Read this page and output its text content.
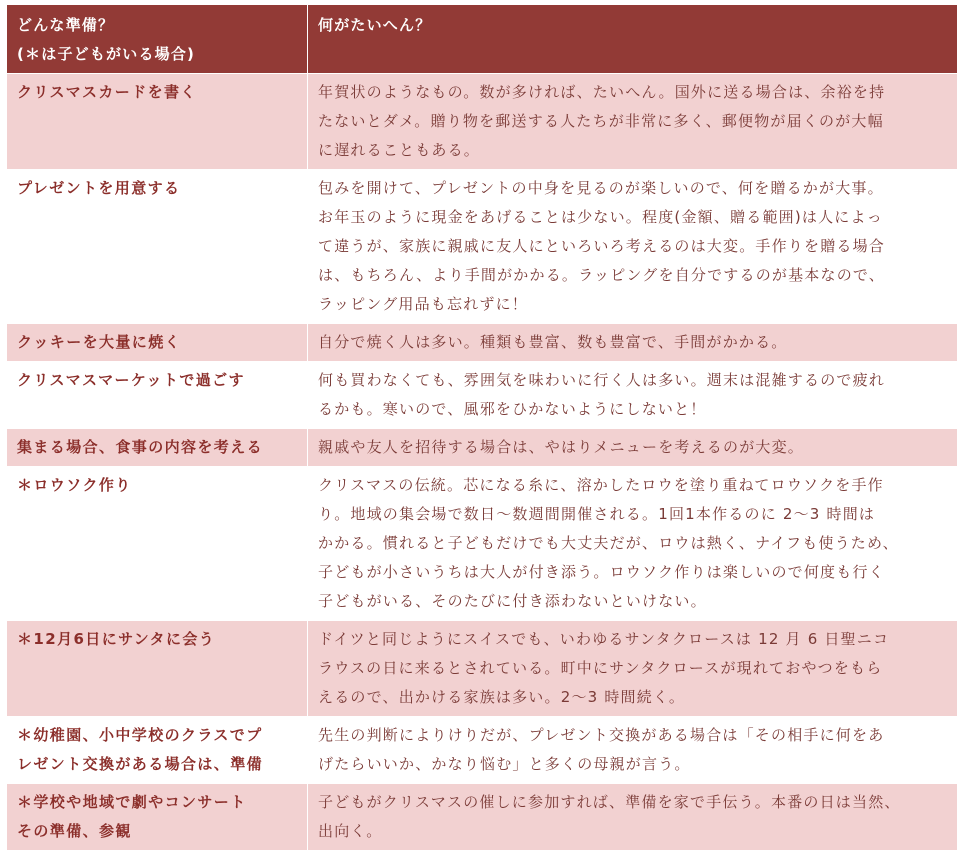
どんな準備？
(＊は子どもがいる場合)	何がたいへん？

クリスマスカードを書く	年賀状のようなもの。数が多ければ、たいへん。国外に送る場合は、余裕を持
たないとダメ。贈り物を郵送する人たちが非常に多く、郵便物が届くのが大幅
に遅れることもある。

プレゼントを用意する	包みを開けて、プレゼントの中身を見るのが楽しいので、何を贈るかが大事。
お年玉のように現金をあげることは少ない。程度(金額、贈る範囲)は人によっ
て違うが、家族に親戚に友人にといろいろ考えるのは大変。手作りを贈る場合
は、もちろん、より手間がかかる。ラッピングを自分でするのが基本なので、
ラッピング用品も忘れずに！

クッキーを大量に焼く	自分で焼く人は多い。種類も豊富、数も豊富で、手間がかかる。

クリスマスマーケットで過ごす	何も買わなくても、雰囲気を味わいに行く人は多い。週末は混雑するので疲れ
るかも。寒いので、風邪をひかないようにしないと！

集まる場合、食事の内容を考える	親戚や友人を招待する場合は、やはりメニューを考えるのが大変。

＊ロウソク作り	クリスマスの伝統。芯になる糸に、溶かしたロウを塗り重ねてロウソクを手作
り。地域の集会場で数日～数週間開催される。1回1本作るのに 2～3 時間は
かかる。慣れると子どもだけでも大丈夫だが、ロウは熱く、ナイフも使うため、
子どもが小さいうちは大人が付き添う。ロウソク作りは楽しいので何度も行く
子どもがいる、そのたびに付き添わないといけない。

＊12月6日にサンタに会う	ドイツと同じようにスイスでも、いわゆるサンタクロースは 12 月 6 日聖ニコ
ラウスの日に来るとされている。町中にサンタクロースが現れておやつをもら
えるので、出かける家族は多い。2～3 時間続く。

＊幼稚園、小中学校のクラスでプ
レゼント交換がある場合は、準備	先生の判断によりけりだが、プレゼント交換がある場合は「その相手に何をあ
げたらいいか、かなり悩む」と多くの母親が言う。

＊学校や地域で劇やコンサート
その準備、参観	子どもがクリスマスの催しに参加すれば、準備を家で手伝う。本番の日は当然、
出向く。
